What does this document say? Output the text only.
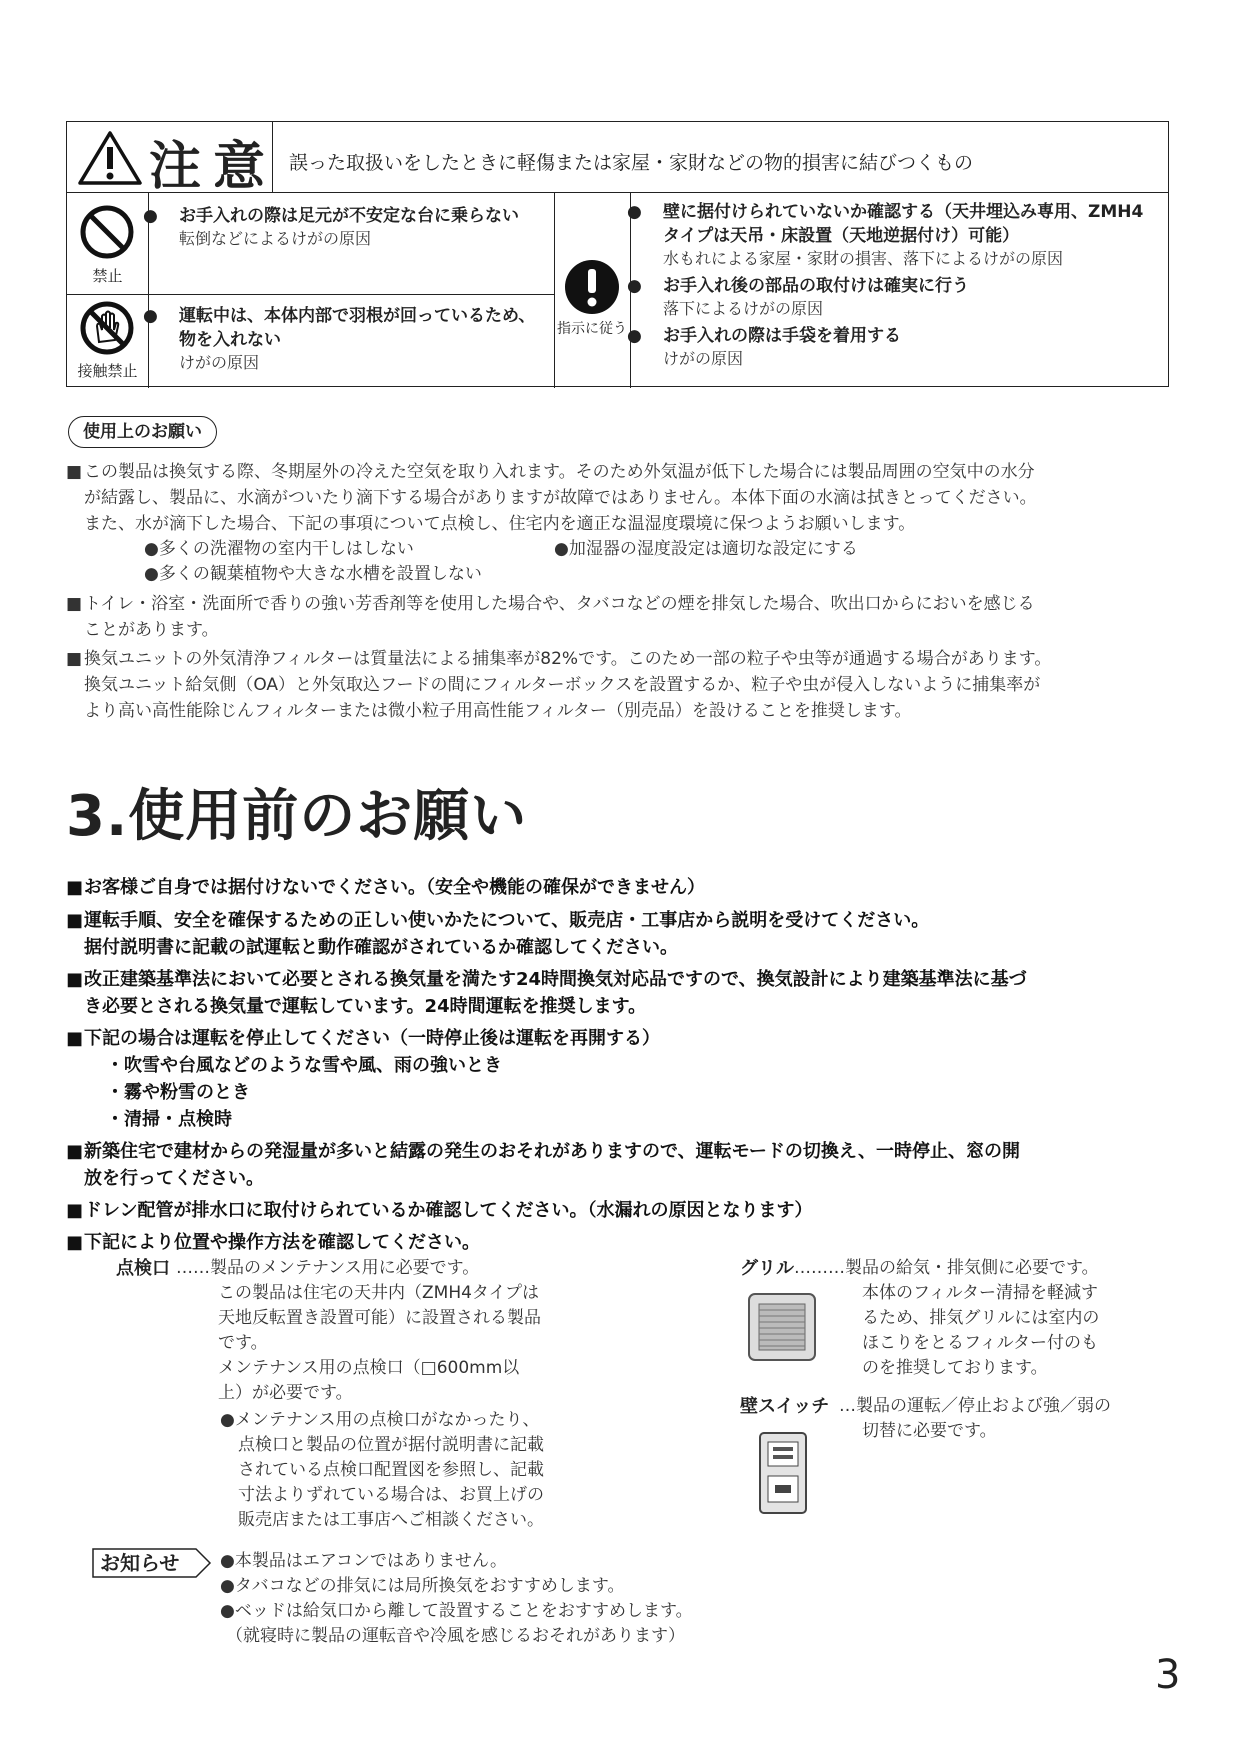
注意 誤った取扱いをしたときに軽傷または家屋・家財などの物的損害に結びつくもの
禁止
接触禁止
● お手入れの際は足元が不安定な台に乗らない
転倒などによるけがの原因
● 運転中は、本体内部で羽根が回っているため、物を入れない
けがの原因
指示に従う
● 壁に据付けられていないか確認する（天井埋込み専用、ZMH4タイプは天吊・床設置（天地逆据付け）可能）
水もれによる家屋・家財の損害、落下によるけがの原因
● お手入れ後の部品の取付けは確実に行う
落下によるけがの原因
● お手入れの際は手袋を着用する
けがの原因
使用上のお願い
■ この製品は換気する際、冬期屋外の冷えた空気を取り入れます。そのため外気温が低下した場合には製品周囲の空気中の水分
が結露し、製品に、水滴がついたり滴下する場合がありますが故障ではありません。本体下面の水滴は拭きとってください。
また、水が滴下した場合、下記の事項について点検し、住宅内を適正な温湿度環境に保つようお願いします。
●多くの洗濯物の室内干しはしない	●加湿器の湿度設定は適切な設定にする
●多くの観葉植物や大きな水槽を設置しない
■ トイレ・浴室・洗面所で香りの強い芳香剤等を使用した場合や、タバコなどの煙を排気した場合、吹出口からにおいを感じる
ことがあります。
■ 換気ユニットの外気清浄フィルターは質量法による捕集率が82%です。このため一部の粒子や虫等が通過する場合があります。
換気ユニット給気側（OA）と外気取込フードの間にフィルターボックスを設置するか、粒子や虫が侵入しないように捕集率が
より高い高性能除じんフィルターまたは微小粒子用高性能フィルター（別売品）を設けることを推奨します。
3.使用前のお願い
■お客様ご自身では据付けないでください。（安全や機能の確保ができません）
■運転手順、安全を確保するための正しい使いかたについて、販売店・工事店から説明を受けてください。
据付説明書に記載の試運転と動作確認がされているか確認してください。
■改正建築基準法において必要とされる換気量を満たす24時間換気対応品ですので、換気設計により建築基準法に基づ
き必要とされる換気量で運転しています。24時間運転を推奨します。
■下記の場合は運転を停止してください（一時停止後は運転を再開する）
・吹雪や台風などのような雪や風、雨の強いとき
・霧や粉雪のとき
・清掃・点検時
■新築住宅で建材からの発湿量が多いと結露の発生のおそれがありますので、運転モードの切換え、一時停止、窓の開
放を行ってください。
■ドレン配管が排水口に取付けられているか確認してください。（水漏れの原因となります）
■下記により位置や操作方法を確認してください。
点検口 ……製品のメンテナンス用に必要です。
この製品は住宅の天井内（ZMH4タイプは
天地反転置き設置可能）に設置される製品
です。
メンテナンス用の点検口（□600mm以
上）が必要です。
●メンテナンス用の点検口がなかったり、
点検口と製品の位置が据付説明書に記載
されている点検口配置図を参照し、記載
寸法よりずれている場合は、お買上げの
販売店または工事店へご相談ください。
グリル ………製品の給気・排気側に必要です。
本体のフィルター清掃を軽減す
るため、排気グリルには室内の
ほこりをとるフィルター付のも
のを推奨しております。
壁スイッチ …製品の運転／停止および強／弱の
切替に必要です。
お知らせ ●本製品はエアコンではありません。
●タバコなどの排気には局所換気をおすすめします。
●ベッドは給気口から離して設置することをおすすめします。
（就寝時に製品の運転音や冷風を感じるおそれがあります）
3
